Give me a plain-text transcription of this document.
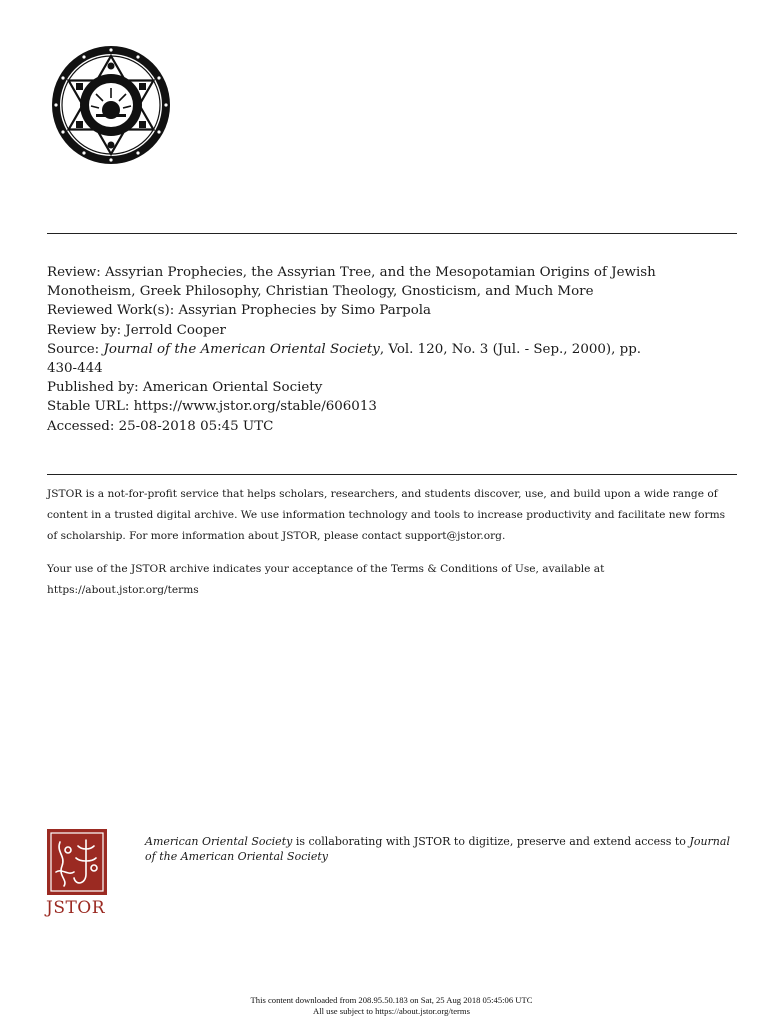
Review: Assyrian Prophecies, the Assyrian Tree, and the Mesopotamian Origins of Jewish
Monotheism, Greek Philosophy, Christian Theology, Gnosticism, and Much More
Reviewed Work(s): Assyrian Prophecies by Simo Parpola
Review by: Jerrold Cooper
Source: Journal of the American Oriental Society, Vol. 120, No. 3 (Jul. - Sep., 2000), pp.
430-444
Published by: American Oriental Society
Stable URL: https://www.jstor.org/stable/606013
Accessed: 25-08-2018 05:45 UTC

JSTOR is a not-for-profit service that helps scholars, researchers, and students discover, use, and build upon a wide range of content in a trusted digital archive. We use information technology and tools to increase productivity and facilitate new forms of scholarship. For more information about JSTOR, please contact support@jstor.org.

Your use of the JSTOR archive indicates your acceptance of the Terms & Conditions of Use, available at https://about.jstor.org/terms

JSTOR
American Oriental Society is collaborating with JSTOR to digitize, preserve and extend access to Journal of the American Oriental Society
This content downloaded from 208.95.50.183 on Sat, 25 Aug 2018 05:45:06 UTC
All use subject to https://about.jstor.org/terms
